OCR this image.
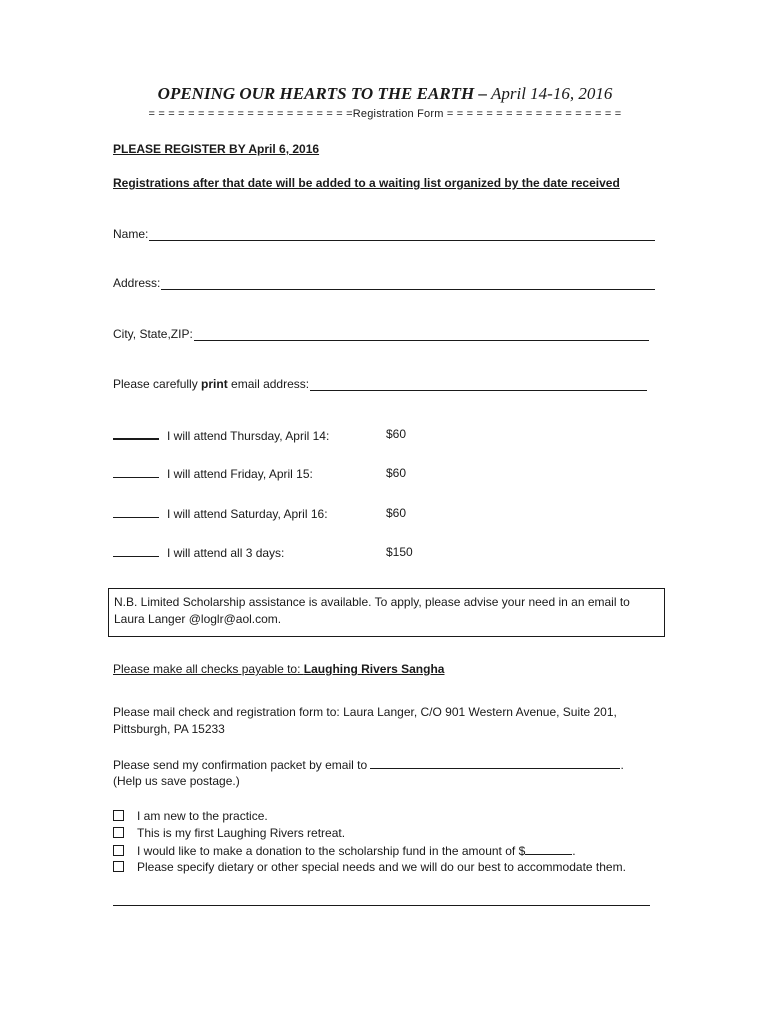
OPENING OUR HEARTS TO THE EARTH – April 14-16, 2016
= = = = = = = = = = = = = = = = = = = = =Registration Form = = = = = = = = = = = = = = = = = =
PLEASE REGISTER BY April 6, 2016
Registrations after that date will be added to a waiting list organized by the date received
Name:
Address:
City, State,ZIP:
Please carefully print email address:
I will attend Thursday, April 14:	$60
I will attend Friday, April 15:	$60
I will attend Saturday, April 16:	$60
I will attend all 3 days:	$150
N.B. Limited Scholarship assistance is available. To apply, please advise your need in an email to
Laura Langer @loglr@aol.com.
Please make all checks payable to: Laughing Rivers Sangha
Please mail check and registration form to: Laura Langer, C/O 901 Western Avenue, Suite 201,
Pittsburgh, PA 15233
Please send my confirmation packet by email to	.
(Help us save postage.)
I am new to the practice.
This is my first Laughing Rivers retreat.
I would like to make a donation to the scholarship fund in the amount of $	.
Please specify dietary or other special needs and we will do our best to accommodate them.
